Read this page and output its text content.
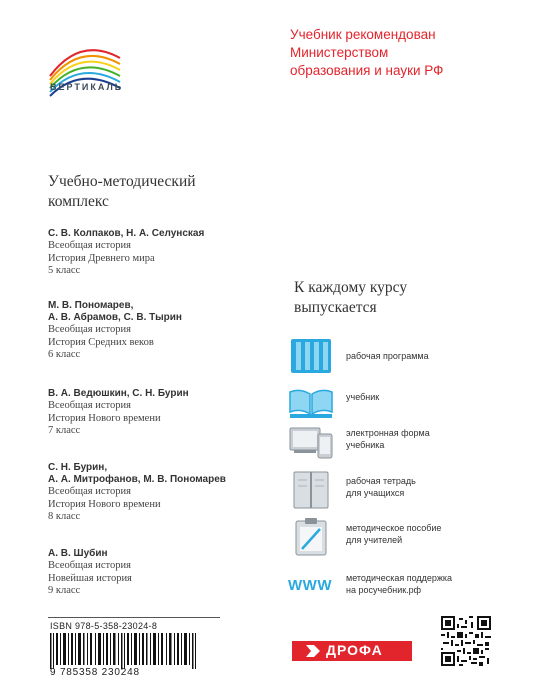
ВЕРТИКАЛЬ
Учебник рекомендован
Министерством
образования и науки РФ
Учебно-методический
комплекс
С. В. Колпаков, Н. А. Селунская
Всеобщая история
История Древнего мира
5 класс
М. В. Пономарев,
А. В. Абрамов, С. В. Тырин
Всеобщая история
История Средних веков
6 класс
В. А. Ведюшкин, С. Н. Бурин
Всеобщая история
История Нового времени
7 класс
С. Н. Бурин,
А. А. Митрофанов, М. В. Пономарев
Всеобщая история
История Нового времени
8 класс
А. В. Шубин
Всеобщая история
Новейшая история
9 класс
К каждому курсу
выпускается
рабочая программа
учебник
электронная форма
учебника
рабочая тетрадь
для учащихся
методическое пособие
для учителей
WWW методическая поддержка
на росучебник.рф
ISBN 978-5-358-23024-8
9 785358 230248
ДРОФА
